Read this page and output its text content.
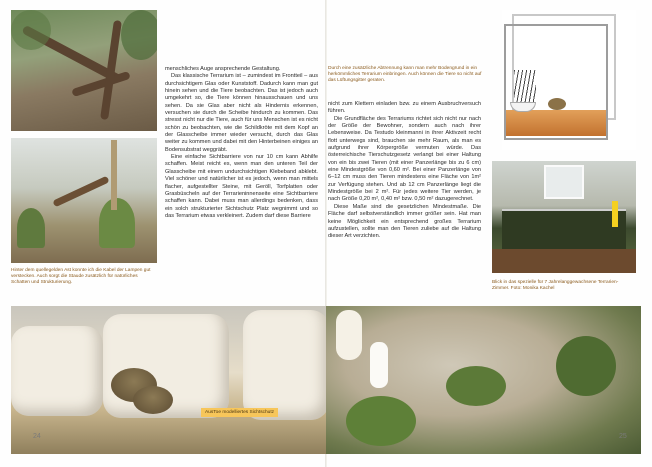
Hinter dem quellegelden Ast konnte ich die Kabel der Lampen gut verstecken. Auch sorgt die Staude zusätzlich für natürliches Schatten und Strukturierung.

menschliches Auge ansprechende Gestaltung.

Das klassische Terrarium ist – zumindest im Frontteil – aus durchsichtigem Glas oder Kunststoff. Dadurch kann man gut hinein sehen und die Tiere beobachten. Das ist jedoch auch umgekehrt so, die Tiere können hinausschauen und uns sehen. Da sie Glas aber nicht als Hindernis erkennen, versuchen sie durch die Scheibe hindurch zu kommen. Das stresst nicht nur die Tiere, auch für uns Menschen ist es nicht schön zu beobachten, wie die Schildkröte mit dem Kopf an der Glasscheibe immer wieder versucht, durch das Glas weiter zu kommen und dabei mit den Hinterbeinen einiges an Bodensubstrat weggräbt.

Eine einfache Sichtbarriere von nur 10 cm kann Abhilfe schaffen. Meist reicht es, wenn man den unteren Teil der Glasscheibe mit einem undurchsichtigen Klebeband abklebt. Viel schöner und natürlicher ist es jedoch, wenn man mittels flacher, aufgestellter Steine, mit Geröll, Torfplatten oder Grasbüscheln auf der Terrarieninnenseite eine Sichtbarriere schaffen kann. Dabei muss man allerdings bedenken, dass ein solch strukturierter Sichtschutz Platz wegnimmt und so das Terrarium etwas verkleinert. Zudem darf diese Barriere

Durch eine zusätzliche Abtrennung kann man mehr Bodengrund in ein herkömmliches Terrarium einbringen. Auch können die Tiere so nicht auf das Lüftungsgitter geraten.

nicht zum Klettern einladen bzw. zu einem Ausbruchversuch führen.

Die Grundfläche des Terrariums richtet sich nicht nur nach der Größe der Bewohner, sondern auch nach ihrer Lebensweise. Da Testudo kleinmanni in ihrer Aktivzeit recht flott unterwegs sind, brauchen sie mehr Raum, als man es aufgrund ihrer Körpergröße vermuten würde. Das österreichische Tierschutzgesetz verlangt bei einer Haltung von ein bis zwei Tieren (mit einer Panzerlänge bis zu 6 cm) eine Mindestgröße von 0,60 m². Bei einer Panzerlänge von 6–12 cm muss den Tieren mindestens eine Fläche von 1m² zur Verfügung stehen. Und ab 12 cm Panzerlänge liegt die Mindestgröße bei 2 m². Für jedes weitere Tier werden, je nach Größe 0,20 m², 0,40 m² bzw. 0,50 m² dazugerechnet.

Diese Maße sind die gesetzlichen Mindestmaße. Die Fläche darf selbstverständlich immer größer sein. Hat man keine Möglichkeit ein entsprechend großes Terrarium aufzustellen, sollte man den Tieren zuliebe auf die Haltung dieser Art verzichten.

Blick in das spezielle für 7 Jahrelanggewachsene Terrarien-Zimmer. Foto: Monika Kachel
AusToe modelliertes Sichtschutz
24	25
